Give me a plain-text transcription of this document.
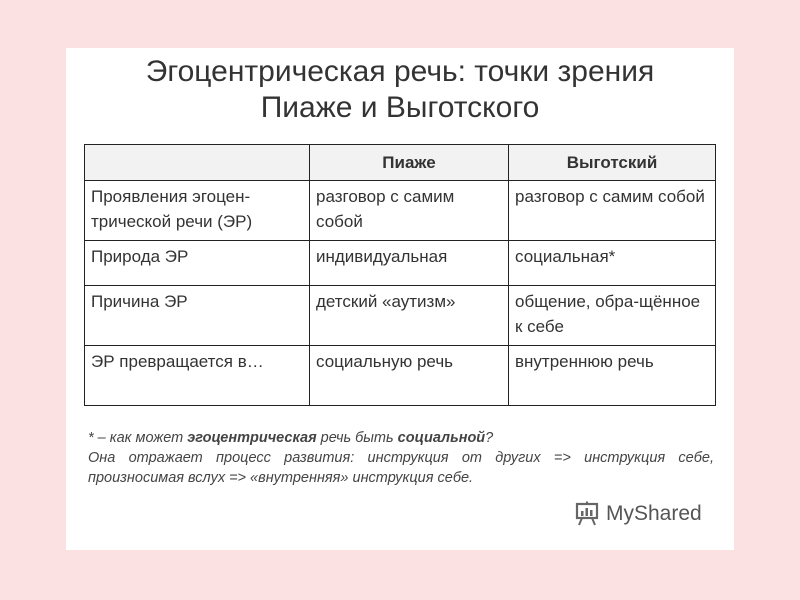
Эгоцентрическая речь: точки зрения
Пиаже и Выготского
	Пиаже	Выготский
Проявления эгоцен-трической речи (ЭР)	разговор с самим собой	разговор с самим собой
Природа ЭР	индивидуальная	социальная*
Причина ЭР	детский «аутизм»	общение, обра-щённое к себе
ЭР превращается в…	социальную речь	внутреннюю речь
* – как может эгоцентрическая речь быть социальной?
Она отражает процесс развития: инструкция от других => инструкция себе, произносимая вслух => «внутренняя» инструкция себе.
MyShared
